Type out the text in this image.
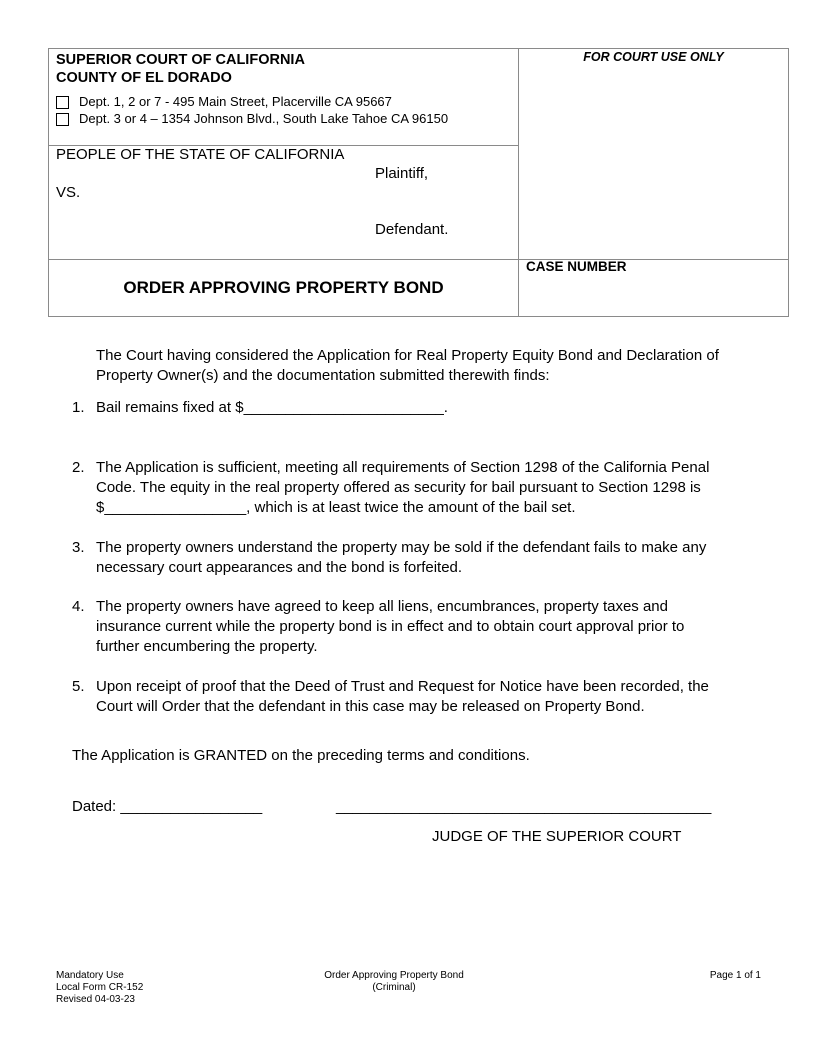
SUPERIOR COURT OF CALIFORNIA
COUNTY OF EL DORADO
Dept. 1, 2 or 7 - 495 Main Street, Placerville CA 95667
Dept. 3 or 4 – 1354 Johnson Blvd., South Lake Tahoe CA 96150
FOR COURT USE ONLY
PEOPLE OF THE STATE OF CALIFORNIA
Plaintiff,
VS.
Defendant.
ORDER APPROVING PROPERTY BOND
CASE NUMBER
The Court having considered the Application for Real Property Equity Bond and Declaration of
Property Owner(s) and the documentation submitted therewith finds:
1. Bail remains fixed at $________________________.
2. The Application is sufficient, meeting all requirements of Section 1298 of the California Penal
Code. The equity in the real property offered as security for bail pursuant to Section 1298 is
$_________________, which is at least twice the amount of the bail set.
3. The property owners understand the property may be sold if the defendant fails to make any
necessary court appearances and the bond is forfeited.
4. The property owners have agreed to keep all liens, encumbrances, property taxes and
insurance current while the property bond is in effect and to obtain court approval prior to
further encumbering the property.
5. Upon receipt of proof that the Deed of Trust and Request for Notice have been recorded, the
Court will Order that the defendant in this case may be released on Property Bond.
The Application is GRANTED on the preceding terms and conditions.
Dated: _________________	_____________________________________________
JUDGE OF THE SUPERIOR COURT
Mandatory Use
Local Form CR-152
Revised 04-03-23
Order Approving Property Bond
(Criminal)
Page 1 of 1
